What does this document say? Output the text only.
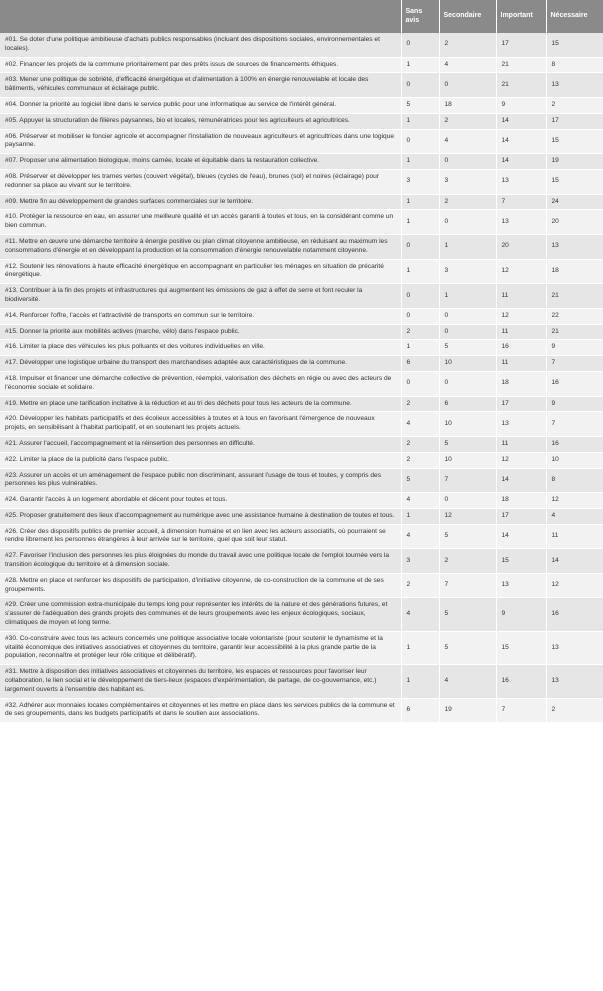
	Sans avis	Secondaire	Important	Nécessaire
#01. Se doter d'une politique ambitieuse d'achats publics responsables (incluant des dispositions sociales, environnementales et locales).	0	2	17	15
#02. Financer les projets de la commune prioritairement par des prêts issus de sources de financements éthiques.	1	4	21	8
#03. Mener une politique de sobriété, d'efficacité énergétique et d'alimentation à 100% en énergie renouvelable et locale des bâtiments, véhicules communaux et éclairage public.	0	0	21	13
#04. Donner la priorité au logiciel libre dans le service public pour une informatique au service de l'intérêt général.	5	18	9	2
#05. Appuyer la structuration de filières paysannes, bio et locales, rémunératrices pour les agriculteurs et agricultrices.	1	2	14	17
#06. Préserver et mobiliser le foncier agricole et accompagner l'installation de nouveaux agriculteurs et agricultrices dans une logique paysanne.	0	4	14	15
#07. Proposer une alimentation biologique, moins carnée, locale et équitable dans la restauration collective.	1	0	14	19
#08. Préserver et développer les trames vertes (couvert végétal), bleues (cycles de l'eau), brunes (sol) et noires (éclairage) pour redonner sa place au vivant sur le territoire.	3	3	13	15
#09. Mettre fin au développement de grandes surfaces commerciales sur le territoire.	1	2	7	24
#10. Protéger la ressource en eau, en assurer une meilleure qualité et un accès garanti à toutes et tous, en la considérant comme un bien commun.	1	0	13	20
#11. Mettre en œuvre une démarche territoire à énergie positive ou plan climat citoyenne ambitieuse, en réduisant au maximum les consommations d'énergie et en développant la production et la consommation d'énergie renouvelable notamment citoyenne.	0	1	20	13
#12. Soutenir les rénovations à haute efficacité énergétique en accompagnant en particulier les ménages en situation de précarité énergétique.	1	3	12	18
#13. Contribuer à la fin des projets et infrastructures qui augmentent les émissions de gaz à effet de serre et font reculer la biodiversité.	0	1	11	21
#14. Renforcer l'offre, l'accès et l'attractivité de transports en commun sur le territoire.	0	0	12	22
#15. Donner la priorité aux mobilités actives (marche, vélo) dans l'espace public.	2	0	11	21
#16. Limiter la place des véhicules les plus polluants et des voitures individuelles en ville.	1	5	16	9
#17. Développer une logistique urbaine du transport des marchandises adaptée aux caractéristiques de la commune.	6	10	11	7
#18. Impulser et financer une démarche collective de prévention, réemploi, valorisation des déchets en régie ou avec des acteurs de l'économie sociale et solidaire.	0	0	18	16
#19. Mettre en place une tarification incitative à la réduction et au tri des déchets pour tous les acteurs de la commune.	2	6	17	9
#20. Développer les habitats participatifs et des écolieux accessibles à toutes et à tous en favorisant l'émergence de nouveaux projets, en sensibilisant à l'habitat participatif, et en soutenant les projets actuels.	4	10	13	7
#21. Assurer l'accueil, l'accompagnement et la réinsertion des personnes en difficulté.	2	5	11	16
#22. Limiter la place de la publicité dans l'espace public.	2	10	12	10
#23. Assurer un accès et un aménagement de l'espace public non discriminant, assurant l'usage de tous et toutes, y compris des personnes les plus vulnérables.	5	7	14	8
#24. Garantir l'accès à un logement abordable et décent pour toutes et tous.	4	0	18	12
#25. Proposer gratuitement des lieux d'accompagnement au numérique avec une assistance humaine à destination de toutes et tous.	1	12	17	4
#26. Créer des dispositifs publics de premier accueil, à dimension humaine et en lien avec les acteurs associatifs, où pourraient se rendre librement les personnes étrangères à leur arrivée sur le territoire, quel que soit leur statut.	4	5	14	11
#27. Favoriser l'inclusion des personnes les plus éloignées du monde du travail avec une politique locale de l'emploi tournée vers la transition écologique du territoire et à dimension sociale.	3	2	15	14
#28. Mettre en place et renforcer les dispositifs de participation, d'initiative citoyenne, de co-construction de la commune et de ses groupements.	2	7	13	12
#29. Créer une commission extra-municipale du temps long pour représenter les intérêts de la nature et des générations futures, et s'assurer de l'adéquation des grands projets des communes et de leurs groupements avec les enjeux écologiques, sociaux, climatiques de moyen et long terme.	4	5	9	16
#30. Co-construire avec tous les acteurs concernés une politique associative locale volontariste (pour soutenir le dynamisme et la vitalité économique des initiatives associatives et citoyennes du territoire, garantir leur accessibilité à la plus grande partie de la population, reconnaître et protéger leur rôle critique et délibératif).	1	5	15	13
#31. Mettre à disposition des initiatives associatives et citoyennes du territoire, les espaces et ressources pour favoriser leur collaboration, le lien social et le développement de tiers-lieux (espaces d'expérimentation, de partage, de co-gouvernance, etc.) largement ouverts à l'ensemble des habitant es.	1	4	16	13
#32. Adhérer aux monnaies locales complémentaires et citoyennes et les mettre en place dans les services publics de la commune et de ses groupements, dans les budgets participatifs et dans le soutien aux associations.	6	19	7	2
